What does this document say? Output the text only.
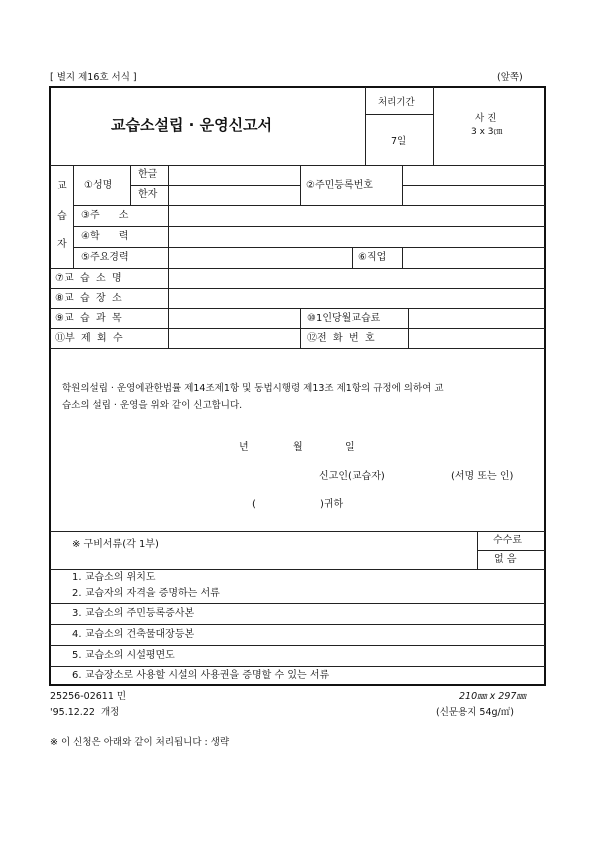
[ 별지 제16호 서식 ]	(앞쪽)
교습소설립 · 운영신고서
처리기간
7일
사 진
3 x 3㎝
교
습
자
①성명
한글
한자
②주민등록번호
③주      소
④학      력
⑤주요경력	⑥직업
⑦교  습  소  명
⑧교  습  장  소
⑨교  습  과  목	⑩1인당월교습료
⑪부  제  회  수	⑫전  화  번  호
학원의설립 · 운영에관한법률 제14조제1항 및 동법시행령 제13조 제1항의 규정에 의하여 교
습소의 설립 · 운영을 위와 같이 신고합니다.
년	월	일
신고인(교습자)	(서명 또는 인)
(	)귀하
※ 구비서류(각 1부)	수수료
없 음
1. 교습소의 위치도
2. 교습자의 자격을 증명하는 서류
3. 교습소의 주민등록증사본
4. 교습소의 건축물대장등본
5. 교습소의 시설평면도
6. 교습장소로 사용할 시설의 사용권을 증명할 수 있는 서류
25256-02611 민
'95.12.22  개정
210㎜ x 297㎜
(신문용지 54g/㎡)
※ 이 신청은 아래와 같이 처리됩니다 : 생략
